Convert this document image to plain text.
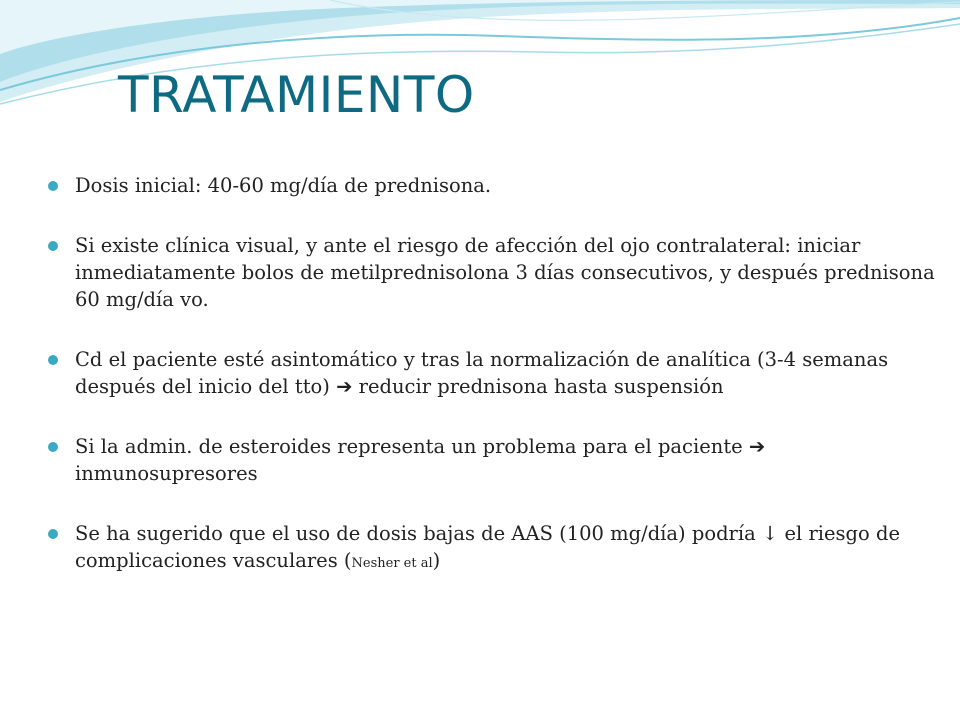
TRATAMIENTO
Dosis inicial: 40-60 mg/día de prednisona.
Si existe clínica visual, y ante el riesgo de afección del ojo contralateral: iniciar inmediatamente bolos de metilprednisolona 3 días consecutivos, y después prednisona 60 mg/día vo.
Cd el paciente esté asintomático y tras la normalización de analítica (3-4 semanas después del inicio del tto) ➔ reducir prednisona hasta suspensión
Si la admin. de esteroides representa un problema para el paciente ➔ inmunosupresores
Se ha sugerido que el uso de dosis bajas de AAS (100 mg/día) podría ↓ el riesgo de complicaciones vasculares (Nesher et al)
